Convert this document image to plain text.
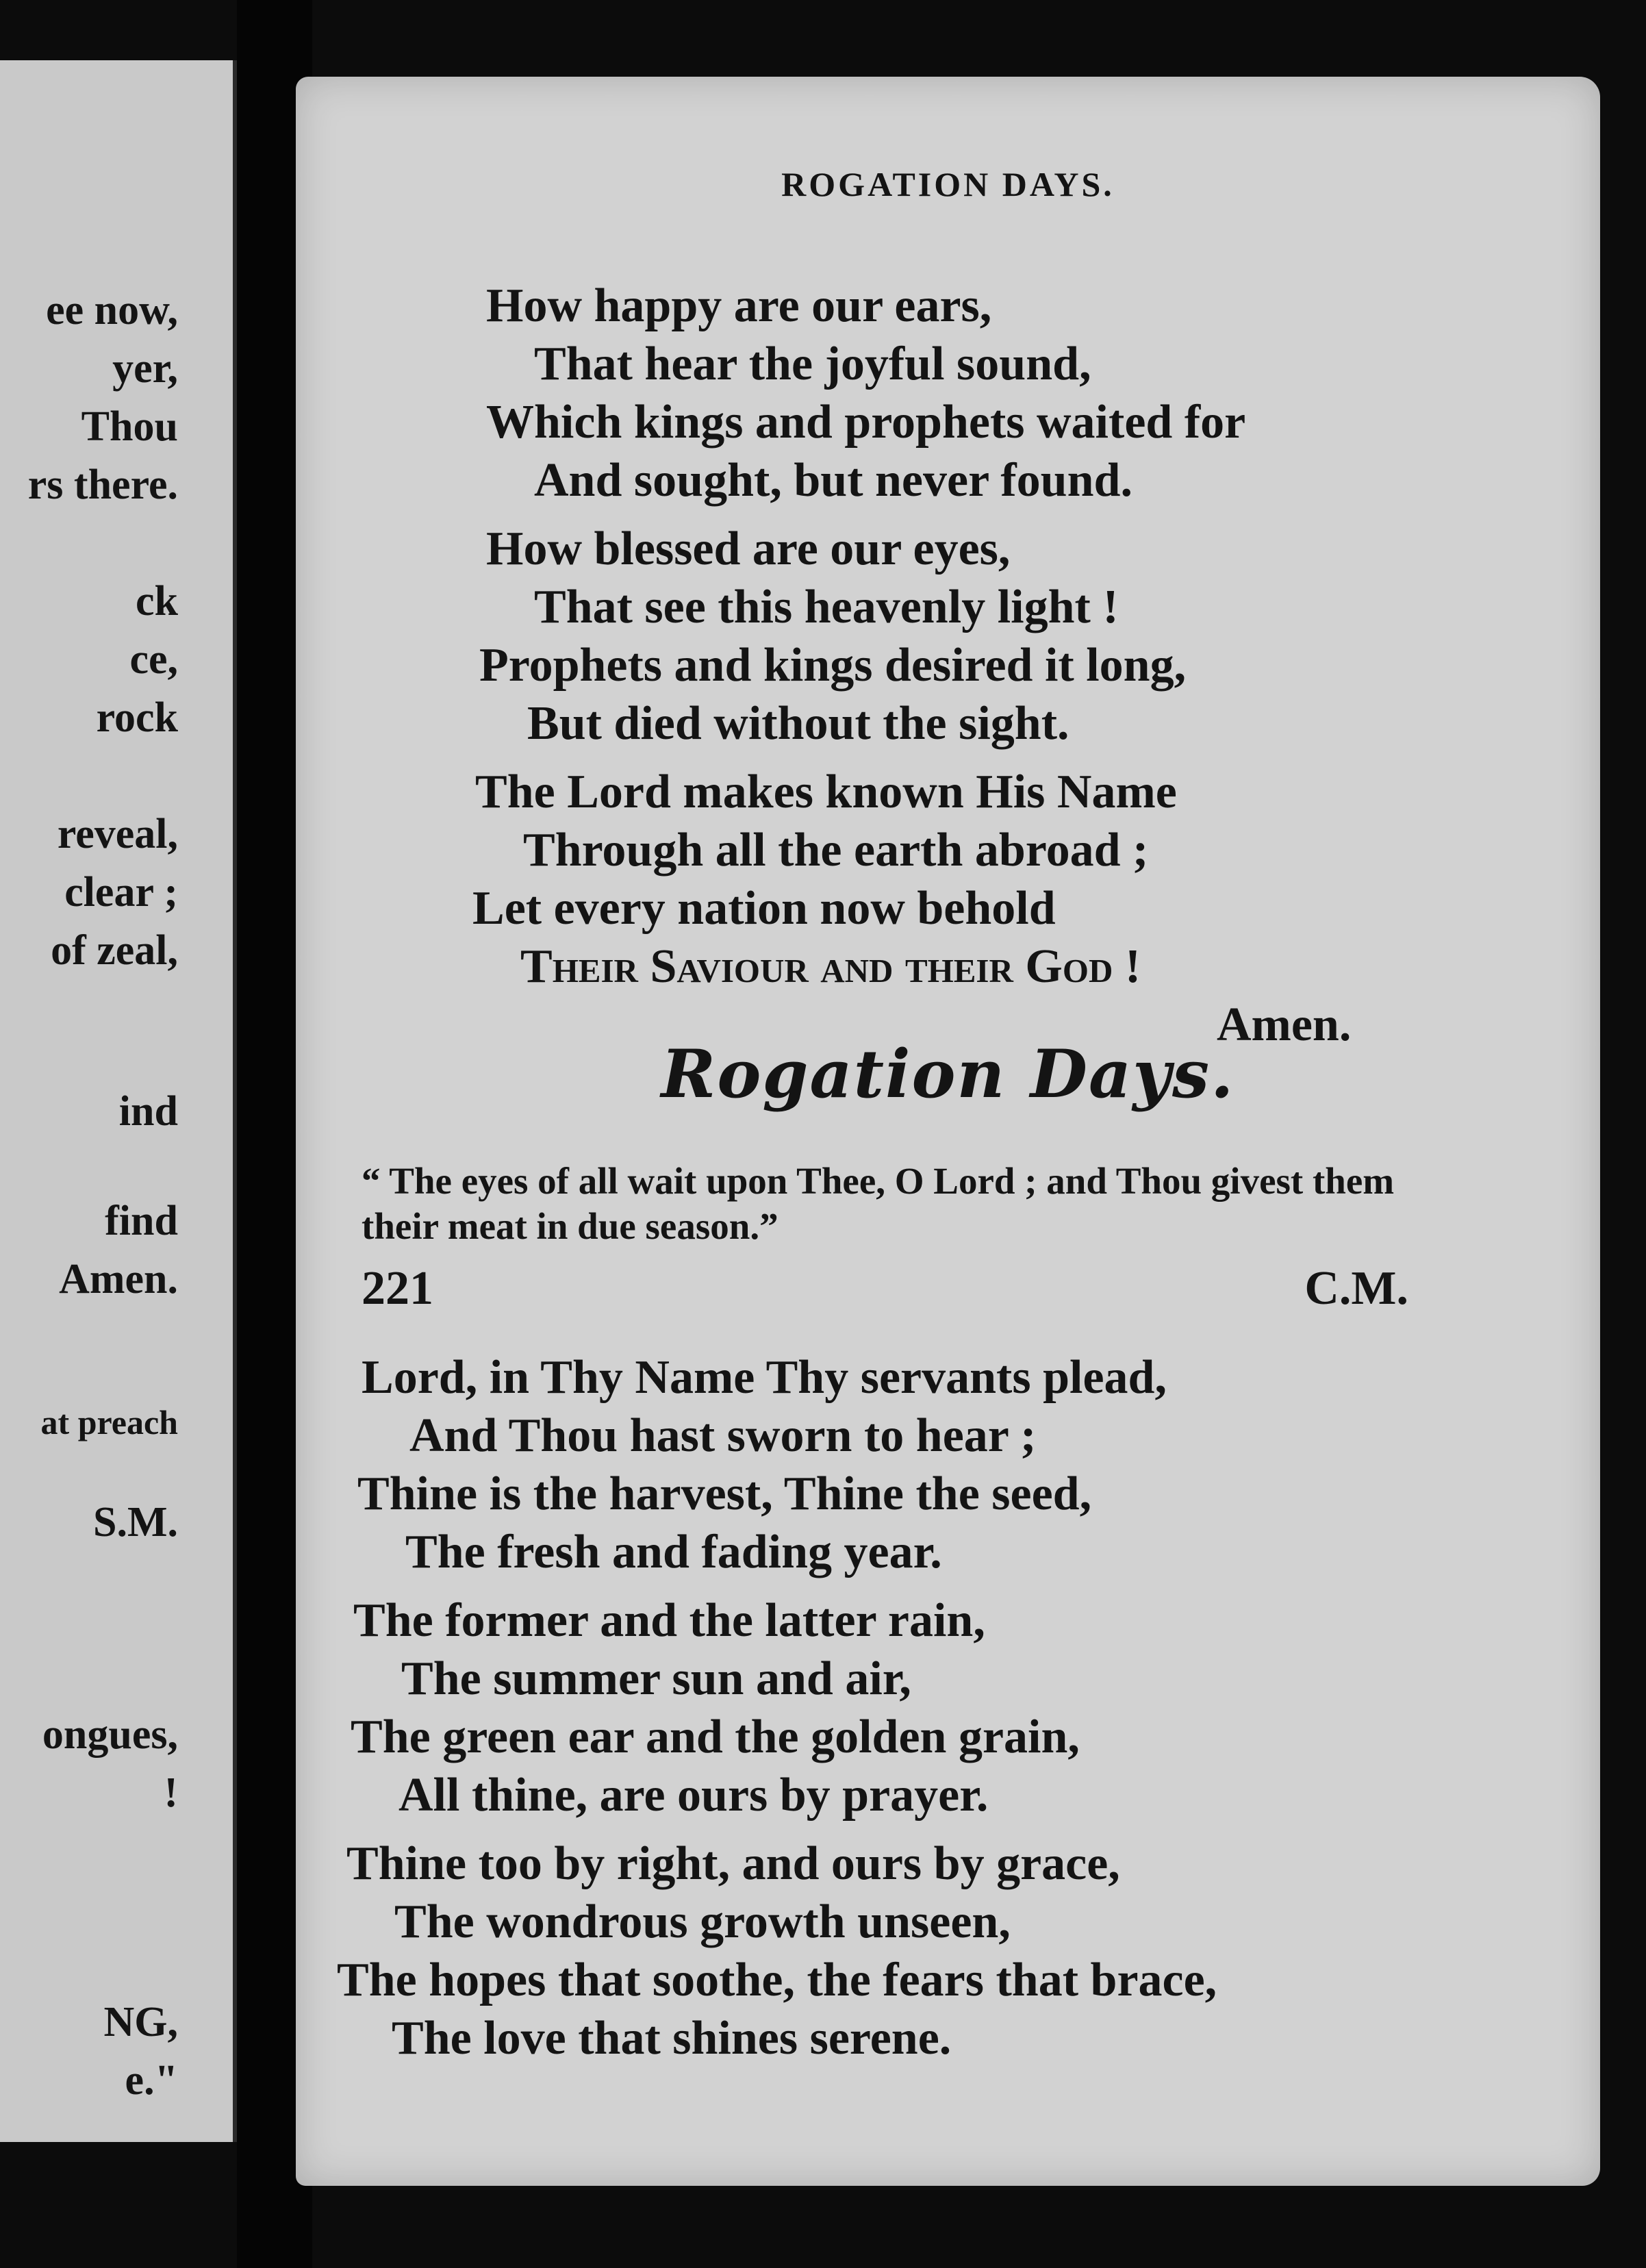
ee now,
yer,
Thou
rs there.
ck
ce,
rock
reveal,
clear ;
of zeal,
ind
find
Amen.
at preach
S.M.
ongues,
!
NG,
e."
ROGATION DAYS.
How happy are our ears,
That hear the joyful sound,
Which kings and prophets waited for
And sought, but never found.
How blessed are our eyes,
That see this heavenly light !
Prophets and kings desired it long,
But died without the sight.
The Lord makes known His Name
Through all the earth abroad ;
Let every nation now behold
Their Saviour and their God !
Amen.
Rogation Days.
“ The eyes of all wait upon Thee, O Lord ; and Thou givest them their meat in due season.”
221	C.M.
Lord, in Thy Name Thy servants plead,
And Thou hast sworn to hear ;
Thine is the harvest, Thine the seed,
The fresh and fading year.
The former and the latter rain,
The summer sun and air,
The green ear and the golden grain,
All thine, are ours by prayer.
Thine too by right, and ours by grace,
The wondrous growth unseen,
The hopes that soothe, the fears that brace,
The love that shines serene.
